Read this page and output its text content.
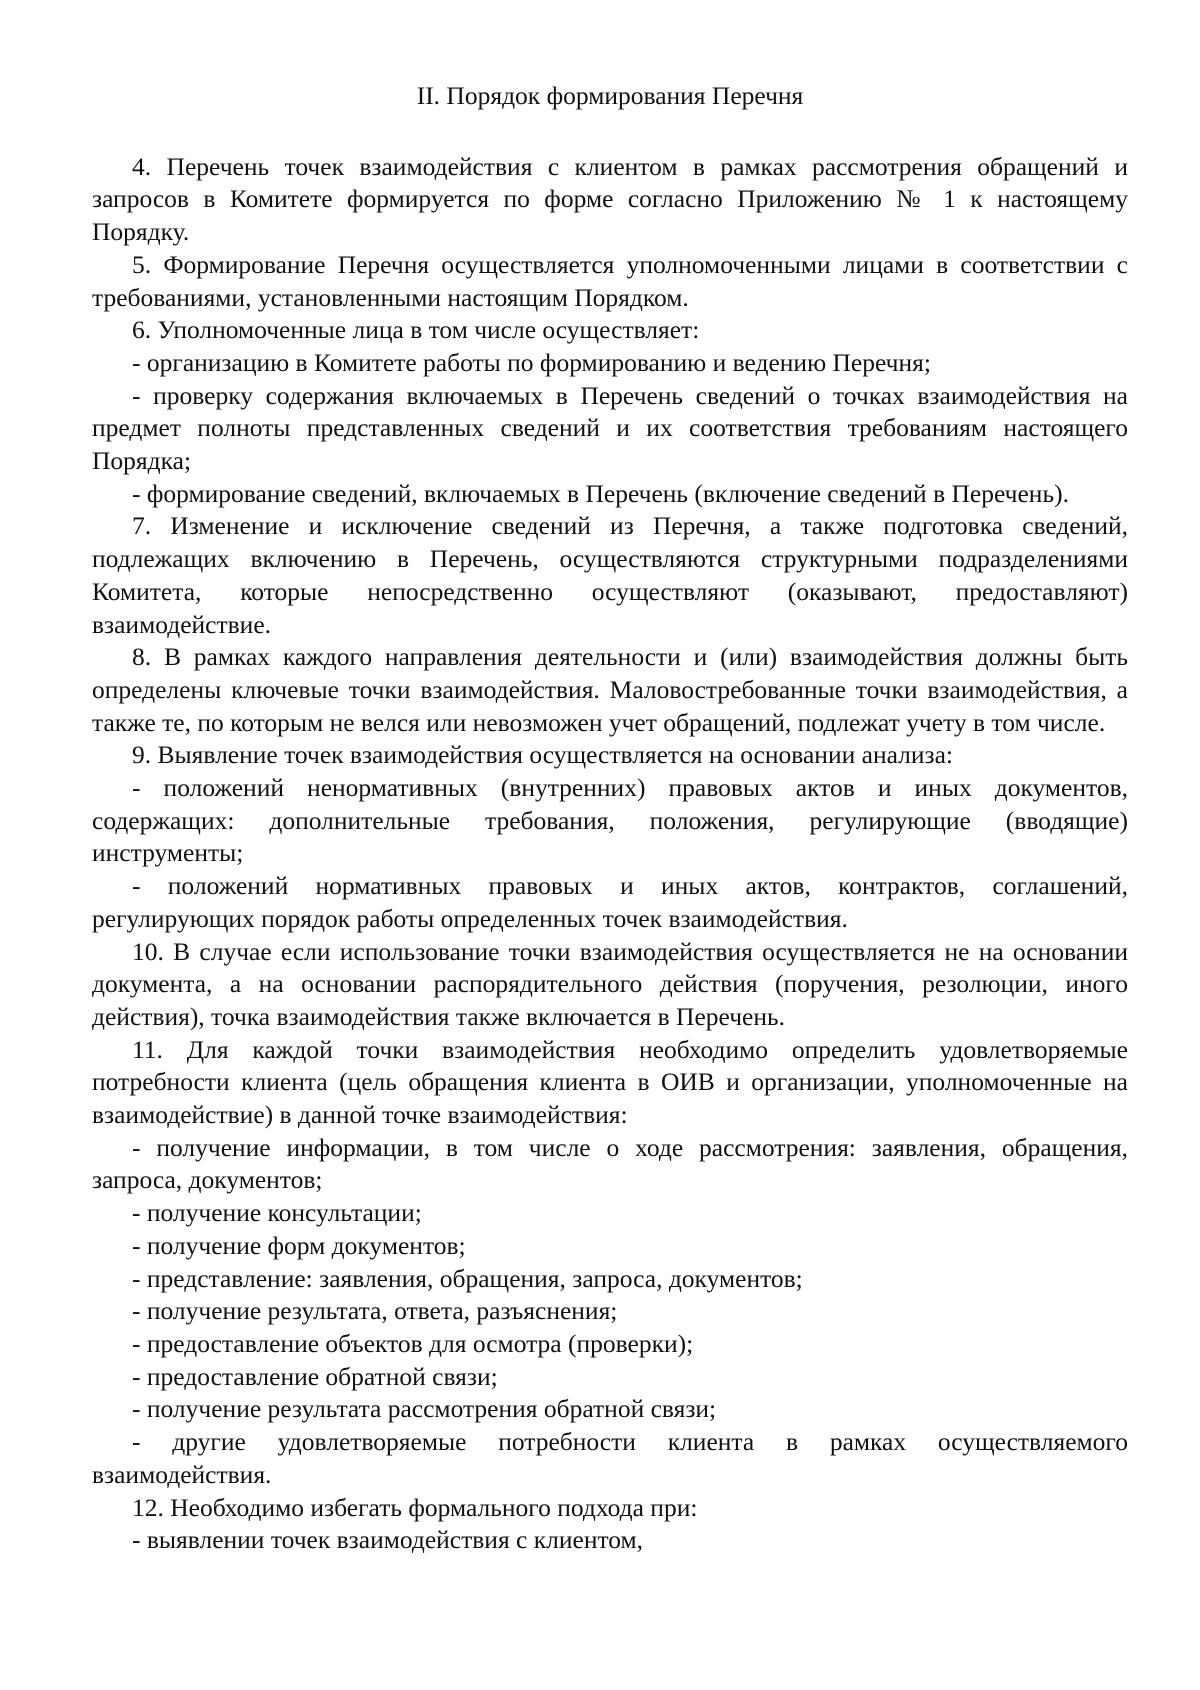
II. Порядок формирования Перечня

4. Перечень точек взаимодействия с клиентом в рамках рассмотрения обращений и запросов в Комитете формируется по форме согласно Приложению № 1 к настоящему Порядку.

5. Формирование Перечня осуществляется уполномоченными лицами в соответствии с требованиями, установленными настоящим Порядком.

6. Уполномоченные лица в том числе осуществляет:

- организацию в Комитете работы по формированию и ведению Перечня;

- проверку содержания включаемых в Перечень сведений о точках взаимодействия на предмет полноты представленных сведений и их соответствия требованиям настоящего Порядка;

- формирование сведений, включаемых в Перечень (включение сведений в Перечень).

7. Изменение и исключение сведений из Перечня, а также подготовка сведений, подлежащих включению в Перечень, осуществляются структурными подразделениями Комитета, которые непосредственно осуществляют (оказывают, предоставляют) взаимодействие.

8. В рамках каждого направления деятельности и (или) взаимодействия должны быть определены ключевые точки взаимодействия. Маловостребованные точки взаимодействия, а также те, по которым не велся или невозможен учет обращений, подлежат учету в том числе.

9. Выявление точек взаимодействия осуществляется на основании анализа:

- положений ненормативных (внутренних) правовых актов и иных документов, содержащих: дополнительные требования, положения, регулирующие (вводящие) инструменты;

- положений нормативных правовых и иных актов, контрактов, соглашений, регулирующих порядок работы определенных точек взаимодействия.

10. В случае если использование точки взаимодействия осуществляется не на основании документа, а на основании распорядительного действия (поручения, резолюции, иного действия), точка взаимодействия также включается в Перечень.

11. Для каждой точки взаимодействия необходимо определить удовлетворяемые потребности клиента (цель обращения клиента в ОИВ и организации, уполномоченные на взаимодействие) в данной точке взаимодействия:

- получение информации, в том числе о ходе рассмотрения: заявления, обращения, запроса, документов;

- получение консультации;

- получение форм документов;

- представление: заявления, обращения, запроса, документов;

- получение результата, ответа, разъяснения;

- предоставление объектов для осмотра (проверки);

- предоставление обратной связи;

- получение результата рассмотрения обратной связи;

- другие удовлетворяемые потребности клиента в рамках осуществляемого взаимодействия.

12. Необходимо избегать формального подхода при:

- выявлении точек взаимодействия с клиентом,
